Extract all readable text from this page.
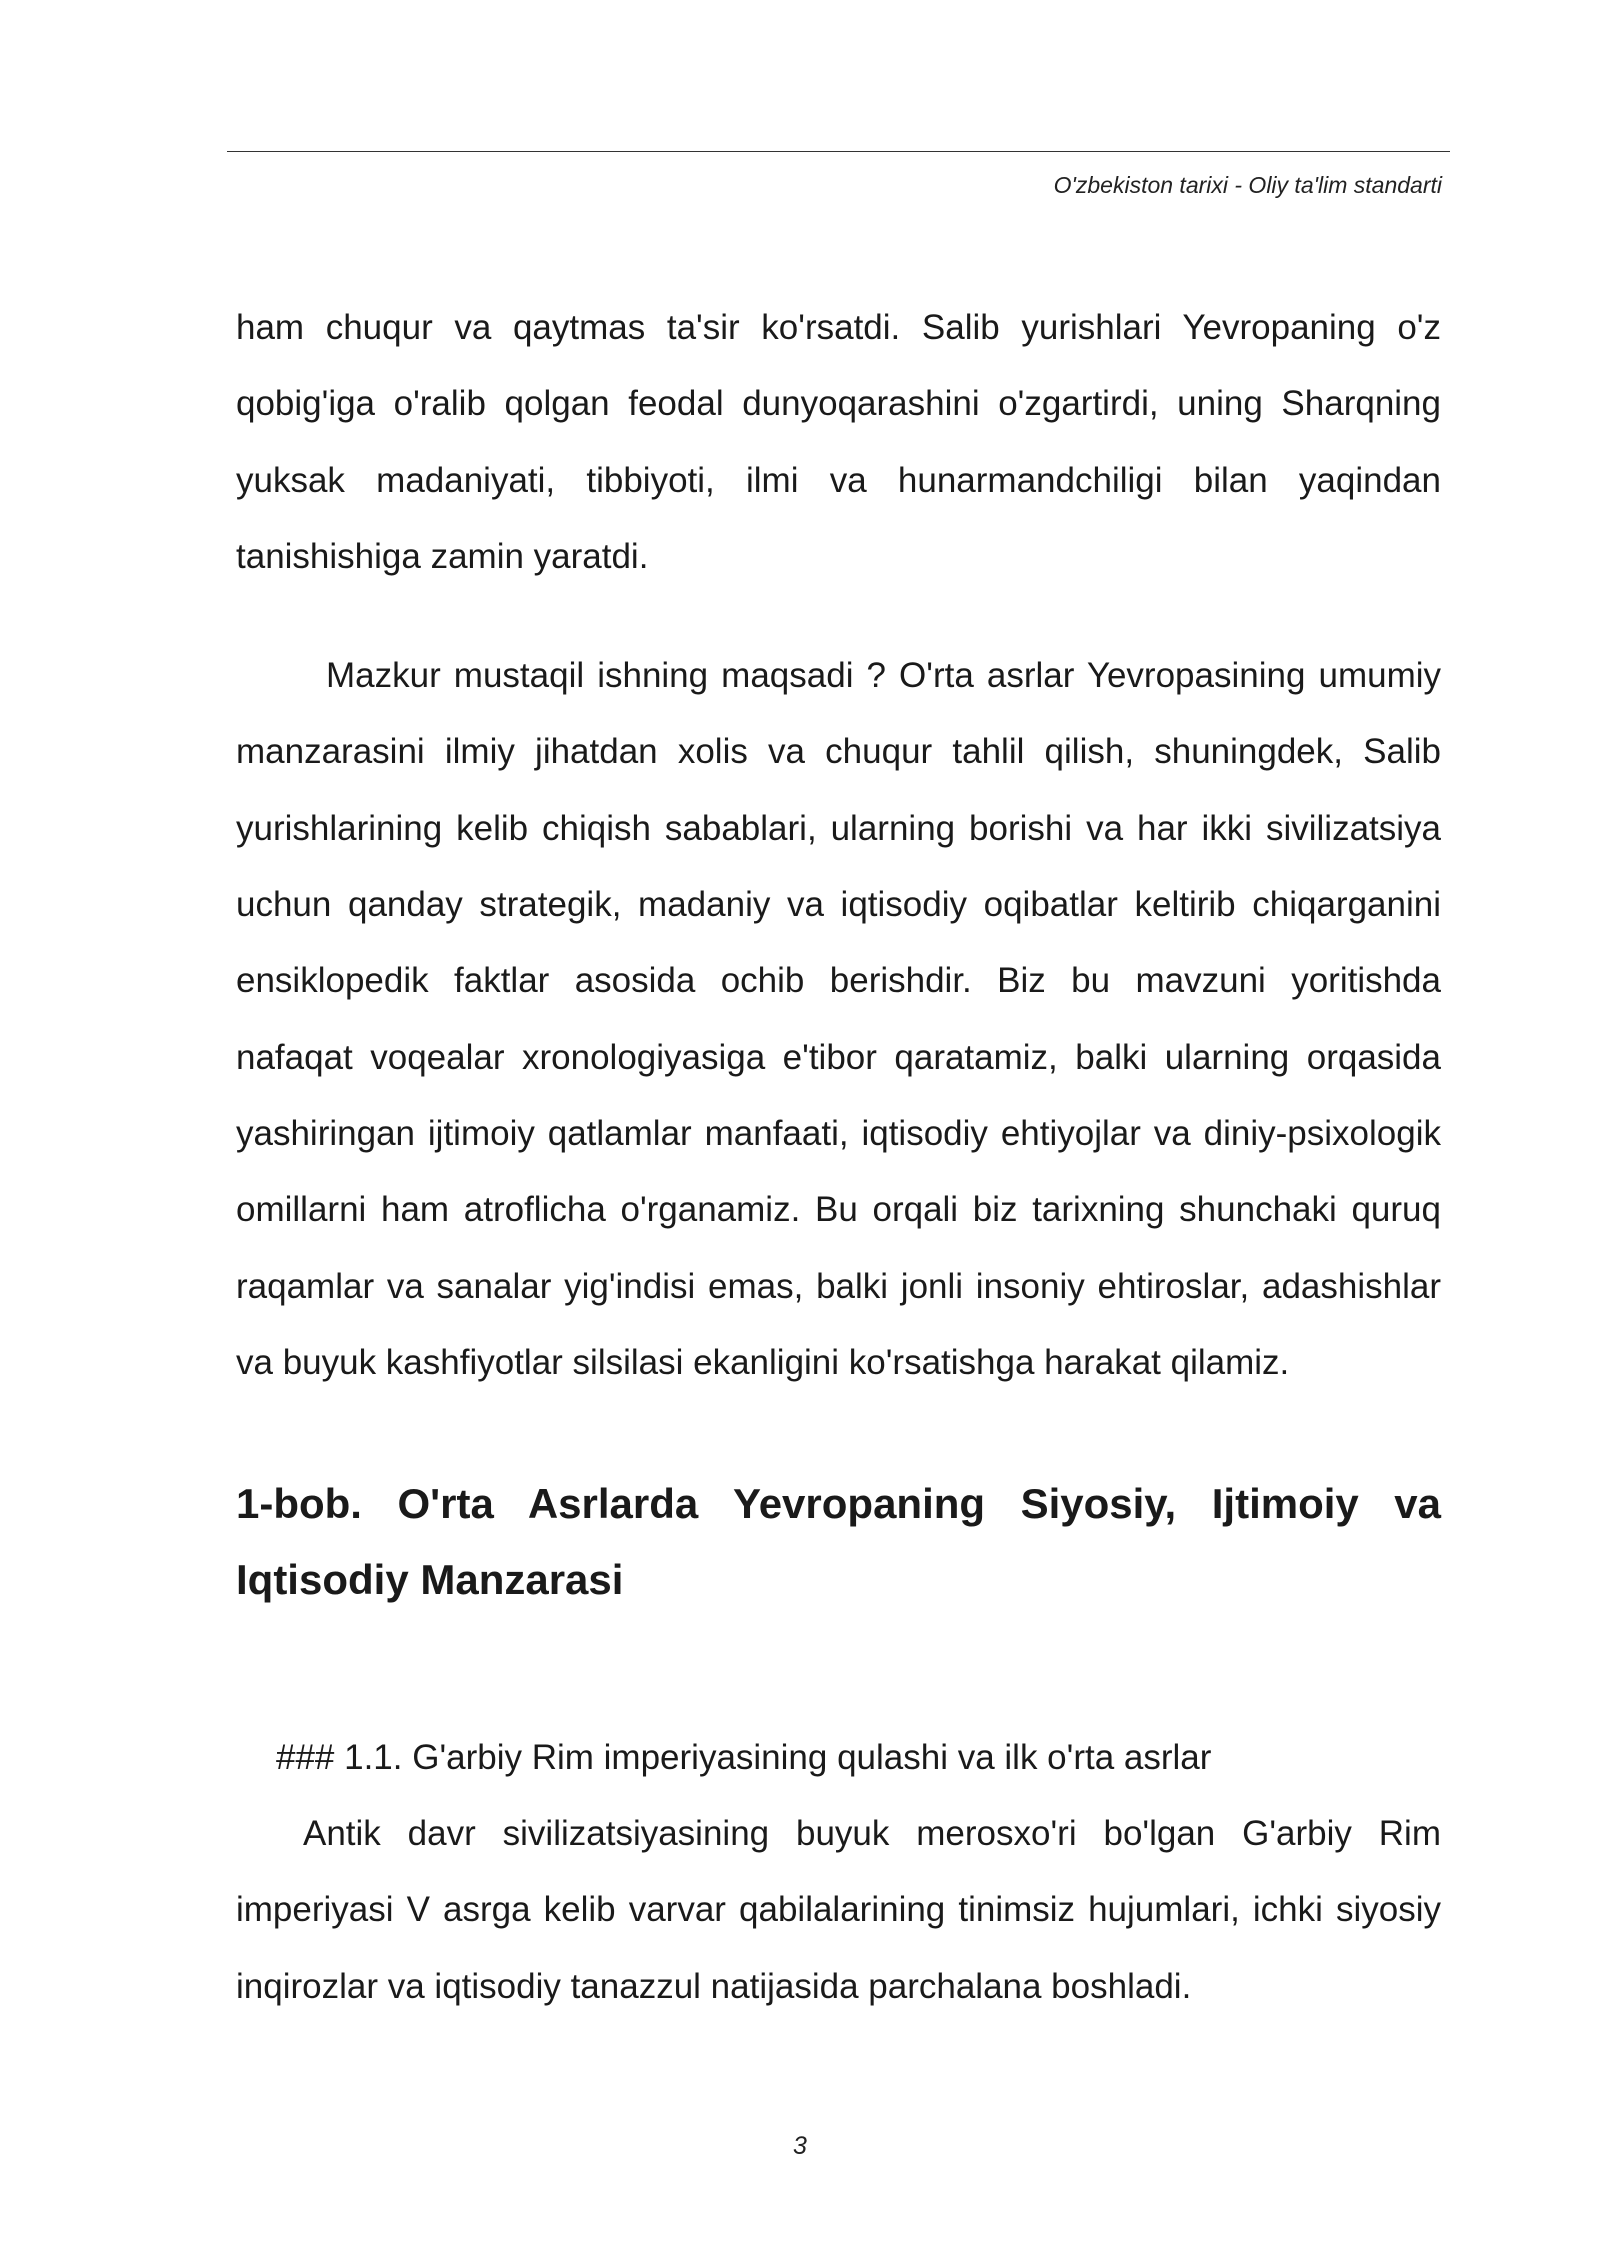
O'zbekiston tarixi - Oliy ta'lim standarti

ham chuqur va qaytmas ta'sir ko'rsatdi. Salib yurishlari Yevropaning o'z qobig'iga o'ralib qolgan feodal dunyoqarashini o'zgartirdi, uning Sharqning yuksak madaniyati, tibbiyoti, ilmi va hunarmandchiligi bilan yaqindan tanishishiga zamin yaratdi.

Mazkur mustaqil ishning maqsadi ? O'rta asrlar Yevropasining umumiy manzarasini ilmiy jihatdan xolis va chuqur tahlil qilish, shuningdek, Salib yurishlarining kelib chiqish sabablari, ularning borishi va har ikki sivilizatsiya uchun qanday strategik, madaniy va iqtisodiy oqibatlar keltirib chiqarganini ensiklopedik faktlar asosida ochib berishdir. Biz bu mavzuni yoritishda nafaqat voqealar xronologiyasiga e'tibor qaratamiz, balki ularning orqasida yashiringan ijtimoiy qatlamlar manfaati, iqtisodiy ehtiyojlar va diniy-psixologik omillarni ham atroflicha o'rganamiz. Bu orqali biz tarixning shunchaki quruq raqamlar va sanalar yig'indisi emas, balki jonli insoniy ehtiroslar, adashishlar va buyuk kashfiyotlar silsilasi ekanligini ko'rsatishga harakat qilamiz.

1-bob. O'rta Asrlarda Yevropaning Siyosiy, Ijtimoiy va Iqtisodiy Manzarasi
### 1.1. G'arbiy Rim imperiyasining qulashi va ilk o'rta asrlar

Antik davr sivilizatsiyasining buyuk merosxo'ri bo'lgan G'arbiy Rim imperiyasi V asrga kelib varvar qabilalarining tinimsiz hujumlari, ichki siyosiy inqirozlar va iqtisodiy tanazzul natijasida parchalana boshladi.

3
